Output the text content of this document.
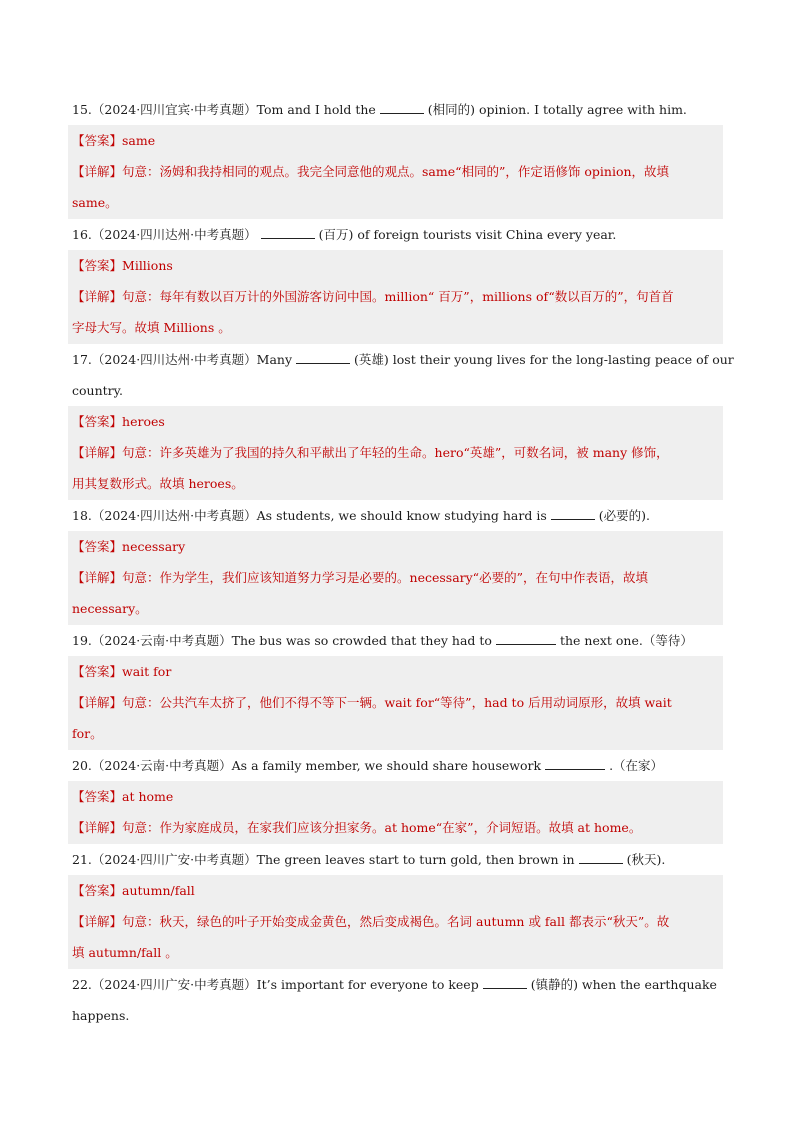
15.（2024·四川宜宾·中考真题）Tom and I hold the	(相同的) opinion. I totally agree with him.
【答案】same
【详解】句意：汤姆和我持相同的观点。我完全同意他的观点。same“相同的”，作定语修饰 opinion，故填
same。
16.（2024·四川达州·中考真题）	(百万) of foreign tourists visit China every year.
【答案】Millions
【详解】句意：每年有数以百万计的外国游客访问中国。million“ 百万”，millions of“数以百万的”，句首首
字母大写。故填 Millions 。
17.（2024·四川达州·中考真题）Many	(英雄) lost their young lives for the long-lasting peace of our
country.
【答案】heroes
【详解】句意：许多英雄为了我国的持久和平献出了年轻的生命。hero“英雄”，可数名词，被 many 修饰，
用其复数形式。故填 heroes。
18.（2024·四川达州·中考真题）As students, we should know studying hard is	(必要的).
【答案】necessary
【详解】句意：作为学生，我们应该知道努力学习是必要的。necessary“必要的”，在句中作表语，故填
necessary。
19.（2024·云南·中考真题）The bus was so crowded that they had to	the next one.（等待）
【答案】wait for
【详解】句意：公共汽车太挤了，他们不得不等下一辆。wait for“等待”，had to 后用动词原形，故填 wait
for。
20.（2024·云南·中考真题）As a family member, we should share housework	.（在家）
【答案】at home
【详解】句意：作为家庭成员，在家我们应该分担家务。at home“在家”，介词短语。故填 at home。
21.（2024·四川广安·中考真题）The green leaves start to turn gold, then brown in	(秋天).
【答案】autumn/fall
【详解】句意：秋天，绿色的叶子开始变成金黄色，然后变成褐色。名词 autumn 或 fall 都表示“秋天”。故
填 autumn/fall 。
22.（2024·四川广安·中考真题）It’s important for everyone to keep	(镇静的) when the earthquake
happens.
